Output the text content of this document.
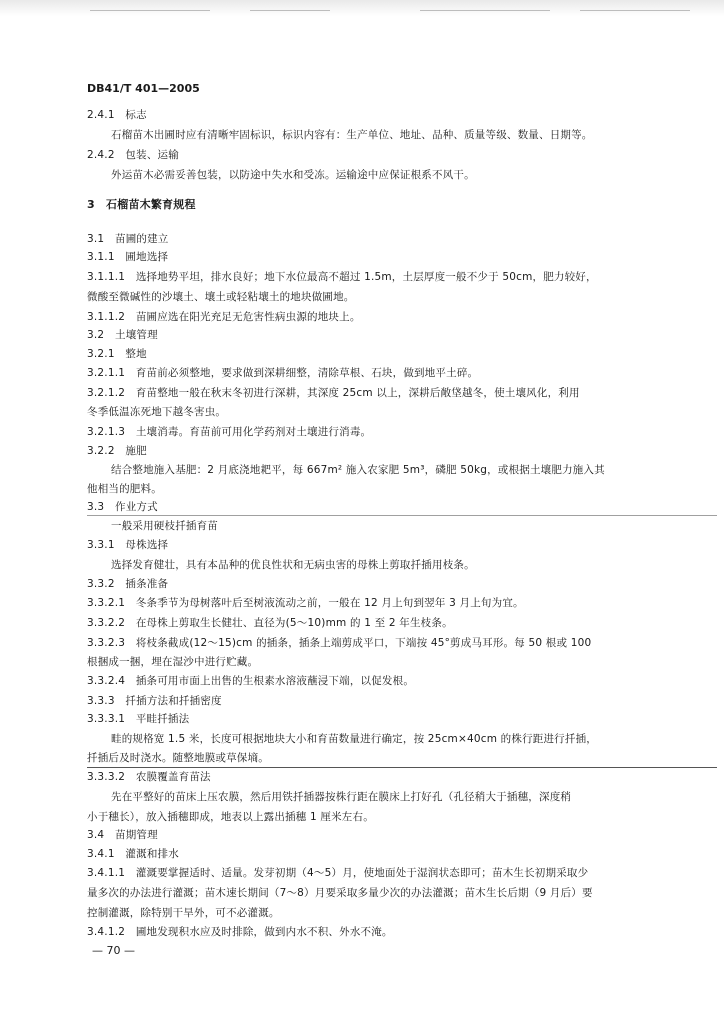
DB41/T 401—2005
2.4.1　标志
石榴苗木出圃时应有清晰牢固标识，标识内容有：生产单位、地址、品种、质量等级、数量、日期等。
2.4.2　包装、运输
外运苗木必需妥善包装，以防途中失水和受冻。运输途中应保证根系不风干。
3　石榴苗木繁育规程
3.1　苗圃的建立
3.1.1　圃地选择
3.1.1.1　选择地势平坦，排水良好；地下水位最高不超过 1.5m，土层厚度一般不少于 50cm，肥力较好，
微酸至微碱性的沙壤土、壤土或轻粘壤土的地块做圃地。
3.1.1.2　苗圃应选在阳光充足无危害性病虫源的地块上。
3.2　土壤管理
3.2.1　整地
3.2.1.1　育苗前必须整地，要求做到深耕细整，清除草根、石块，做到地平土碎。
3.2.1.2　育苗整地一般在秋末冬初进行深耕，其深度 25cm 以上，深耕后敞垡越冬，使土壤风化，利用
冬季低温冻死地下越冬害虫。
3.2.1.3　土壤消毒。育苗前可用化学药剂对土壤进行消毒。
3.2.2　施肥
结合整地施入基肥：2 月底浇地耙平，每 667m² 施入农家肥 5m³，磷肥 50kg，或根据土壤肥力施入其
他相当的肥料。
3.3　作业方式
一般采用硬枝扦插育苗
3.3.1　母株选择
选择发育健壮，具有本品种的优良性状和无病虫害的母株上剪取扦插用枝条。
3.3.2　插条准备
3.3.2.1　冬条季节为母树落叶后至树液流动之前，一般在 12 月上旬到翌年 3 月上旬为宜。
3.3.2.2　在母株上剪取生长健壮、直径为(5～10)mm 的 1 至 2 年生枝条。
3.3.2.3　将枝条截成(12～15)cm 的插条，插条上端剪成平口，下端按 45°剪成马耳形。每 50 根或 100
根捆成一捆，埋在湿沙中进行贮藏。
3.3.2.4　插条可用市面上出售的生根素水溶液蘸浸下端，以促发根。
3.3.3　扦插方法和扦插密度
3.3.3.1　平畦扦插法
畦的规格宽 1.5 米，长度可根据地块大小和育苗数量进行确定，按 25cm×40cm 的株行距进行扦插，
扦插后及时浇水。随整地膜或草保墒。
3.3.3.2　农膜覆盖育苗法
先在平整好的苗床上压农膜，然后用铁扦插器按株行距在膜床上打好孔（孔径稍大于插穗，深度稍
小于穗长），放入插穗即成，地表以上露出插穗 1 厘米左右。
3.4　苗期管理
3.4.1　灌溉和排水
3.4.1.1　灌溉要掌握适时、适量。发芽初期（4～5）月，使地面处于湿润状态即可；苗木生长初期采取少
量多次的办法进行灌溉；苗木速长期间（7～8）月要采取多量少次的办法灌溉；苗木生长后期（9 月后）要
控制灌溉，除特别干旱外，可不必灌溉。
3.4.1.2　圃地发现积水应及时排除，做到内水不积、外水不淹。
— 70 —
